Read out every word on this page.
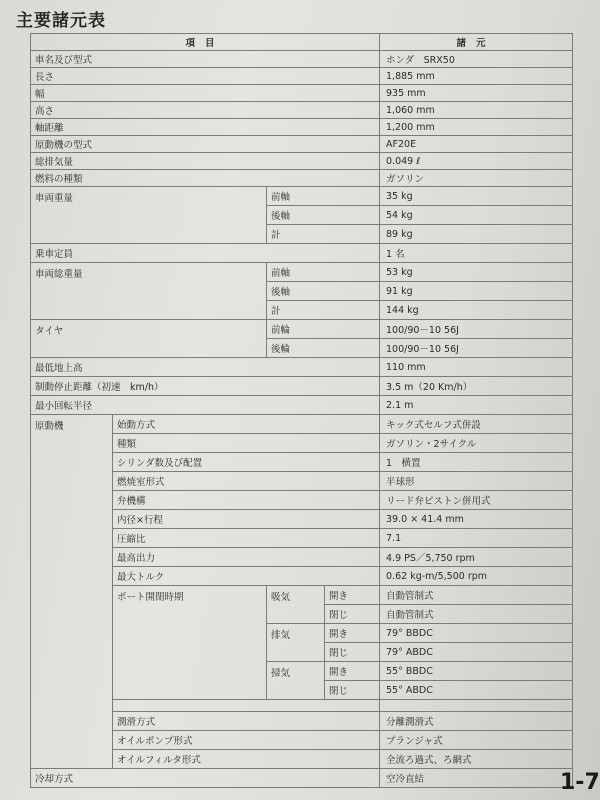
主要諸元表
項目				諸元
車名及び型式				ホンダ　SRX50
長さ				1,885 mm
幅				935 mm
高さ				1,060 mm
軸距離				1,200 mm
原動機の型式				AF20E
総排気量				0.049 ℓ
燃料の種類				ガソリン
車両重量		前軸		35 kg
		後軸		54 kg
		計		89 kg
乗車定員				1 名
車両総重量		前軸		53 kg
		後軸		91 kg
		計		144 kg
タイヤ		前輪		100/90－10 56J
		後輪		100/90－10 56J
最低地上高				110 mm
制動停止距離（初速　km/h）				3.5 m（20 Km/h）
最小回転半径				2.1 m
原動機	始動方式			キック式セルフ式併設
	種類			ガソリン・2サイクル
	シリンダ数及び配置			1　横置
	燃焼室形式			半球形
	弁機構			リード弁ピストン併用式
	内径×行程			39.0 × 41.4 mm
	圧縮比			7.1
	最高出力			4.9 PS／5,750 rpm
	最大トルク			0.62 kg-m/5,500 rpm
	ポート開閉時期	吸気	開き	自動管制式
			閉じ	自動管制式
		排気	開き	79° BBDC
			閉じ	79° ABDC
		掃気	開き	55° BBDC
			閉じ	55° ABDC

	潤滑方式			分離潤滑式
	オイルポンプ形式			プランジャ式
	オイルフィルタ形式			全流ろ過式、ろ網式
冷却方式				空冷直結	1-7
